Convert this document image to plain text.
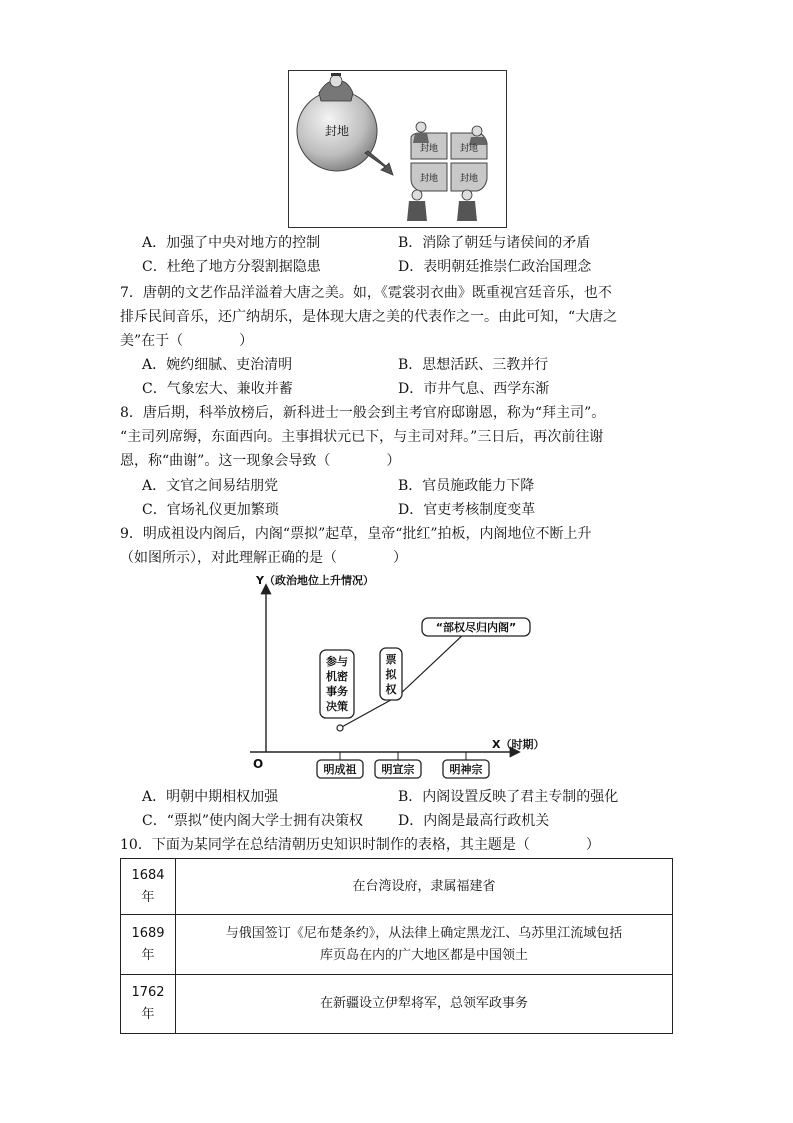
封地
封地 封地
封地 封地
A．加强了中央对地方的控制	B．消除了朝廷与诸侯间的矛盾
C．杜绝了地方分裂割据隐患	D．表明朝廷推崇仁政治国理念
7．唐朝的文艺作品洋溢着大唐之美。如，《霓裳羽衣曲》既重视宫廷音乐，也不
排斥民间音乐，还广纳胡乐，是体现大唐之美的代表作之一。由此可知，“大唐之
美”在于（　　　　）
A．婉约细腻、吏治清明	B．思想活跃、三教并行
C．气象宏大、兼收并蓄	D．市井气息、西学东渐
8．唐后期，科举放榜后，新科进士一般会到主考官府邸谢恩，称为“拜主司”。
“主司列席缛，东面西向。主事揖状元已下，与主司对拜。”三日后，再次前往谢
恩，称“曲谢”。这一现象会导致（　　　　）
A．文官之间易结朋党	B．官员施政能力下降
C．官场礼仪更加繁琐	D．官吏考核制度变革
9．明成祖设内阁后，内阁“票拟”起草，皇帝“批红”拍板，内阁地位不断上升
（如图所示），对此理解正确的是（　　　　）
Y（政治地位上升情况）
X（时期）
O	明成祖 明宣宗	明神宗
参与机密事务决策
票拟权
“部权尽归内阁”
A．明朝中期相权加强	B．内阁设置反映了君主专制的强化
C．“票拟”使内阁大学士拥有决策权 D．内阁是最高行政机关
10．下面为某同学在总结清朝历史知识时制作的表格，其主题是（　　　　）
1684
年	在台湾设府，隶属福建省

1689
年	与俄国签订《尼布楚条约》，从法律上确定黑龙江、乌苏里江流域包括
库页岛在内的广大地区都是中国领土

1762
年	在新疆设立伊犁将军，总领军政事务
